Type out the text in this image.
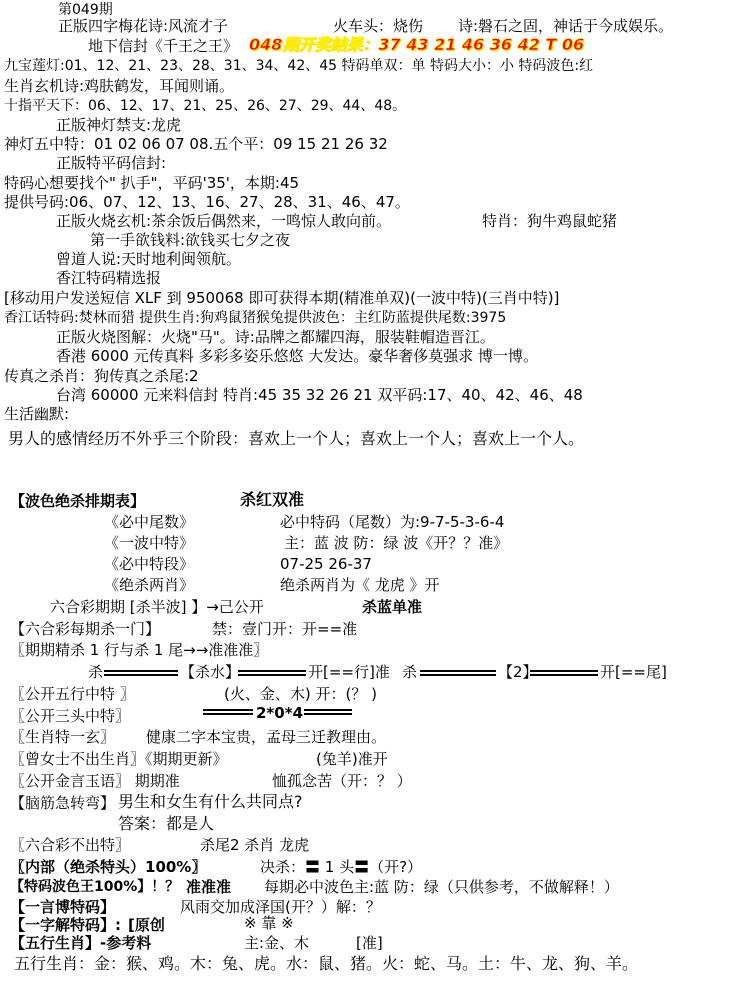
第049期
正版四字梅花诗:风流才子	火车头：烧伤 诗:磐石之固，神话于今成娱乐。
地下信封《千王之王》 048期开奖结果：37 43 21 46 36 42 T 06
九宝莲灯:01、12、21、23、28、31、34、42、45 特码单双：单 特码大小：小 特码波色:红
生肖玄机诗:鸡肤鹤发，耳闻则诵。
十指平天下：06、12、17、21、25、26、27、29、44、48。
正版神灯禁支:龙虎
神灯五中特：01 02 06 07 08.五个平：09 15 21 26 32
正版特平码信封:
特码心想要找个" 扒手"，平码'35'，本期:45
提供号码:06、07、12、13、16、27、28、31、46、47。
正版火烧玄机:茶余饭后偶然来，一鸣惊人敢向前。	特肖：狗牛鸡鼠蛇猪
第一手欲钱料:欲钱买七夕之夜
曾道人说:天时地利闽领航。
香江特码精选报
[移动用户发送短信 XLF 到 950068 即可获得本期(精准单双)(一波中特)(三肖中特)]
香江话特码:焚林而猎 提供生肖:狗鸡鼠猪猴兔提供波色：主红防蓝提供尾数:3975
正版火烧图解：火烧"马"。诗:品牌之都耀四海，服装鞋帽造晋江。
香港 6000 元传真料 多彩多姿乐悠悠 大发达。豪华奢侈莫强求 博一博。
传真之杀肖：狗传真之杀尾:2
台湾 60000 元来料信封 特肖:45 35 32 26 21 双平码:17、40、42、46、48
生活幽默:
男人的感情经历不外乎三个阶段：喜欢上一个人；喜欢上一个人；喜欢上一个人。
【波色绝杀排期表】	杀红双准
《必中尾数》	必中特码（尾数）为:9-7-5-3-6-4
《一波中特》	主：蓝 波 防：绿 波《开？？准》
《必中特段》	07-25 26-37
《绝杀两肖》	绝杀两肖为《 龙虎 》开
六合彩期期 [杀半波] 】→己公开	杀蓝单准
【六合彩每期杀一门】	禁：壹门开：开==准
〖期期精杀 1 行与杀 1 尾→→准准准〗
杀	【杀水】	开[==行]准 杀	【2】	开[==尾]
〖公开五行中特 〗	(火、金、木) 开：(？ )
〖公开三头中特〗	2*0*4
〖生肖特一玄〗 健康二字本宝贵，孟母三迁教理由。
〖曾女士不出生肖〗《期期更新》	(兔羊)准开
〖公开金言玉语〗 期期准	恤孤念苦（开：？ ）
【脑筋急转弯】 男生和女生有什么共同点?
答案：都是人
〖六合彩不出特〗	杀尾2 杀肖 龙虎
〖内部（绝杀特头）100%〗	决杀：〓 1 头〓（开?）
【特码波色王100%】！？ 准准准 每期必中波色主:蓝 防：绿（只供参考，不做解释！）
【一言博特码】	风雨交加成泽国(开？）解：？
【一字解特码】: [原创	※ 靠 ※
【五行生肖】-参考料	主:金、木	[准]
五行生肖：金：猴、鸡。木：兔、虎。水：鼠、猪。火：蛇、马。土：牛、龙、狗、羊。
